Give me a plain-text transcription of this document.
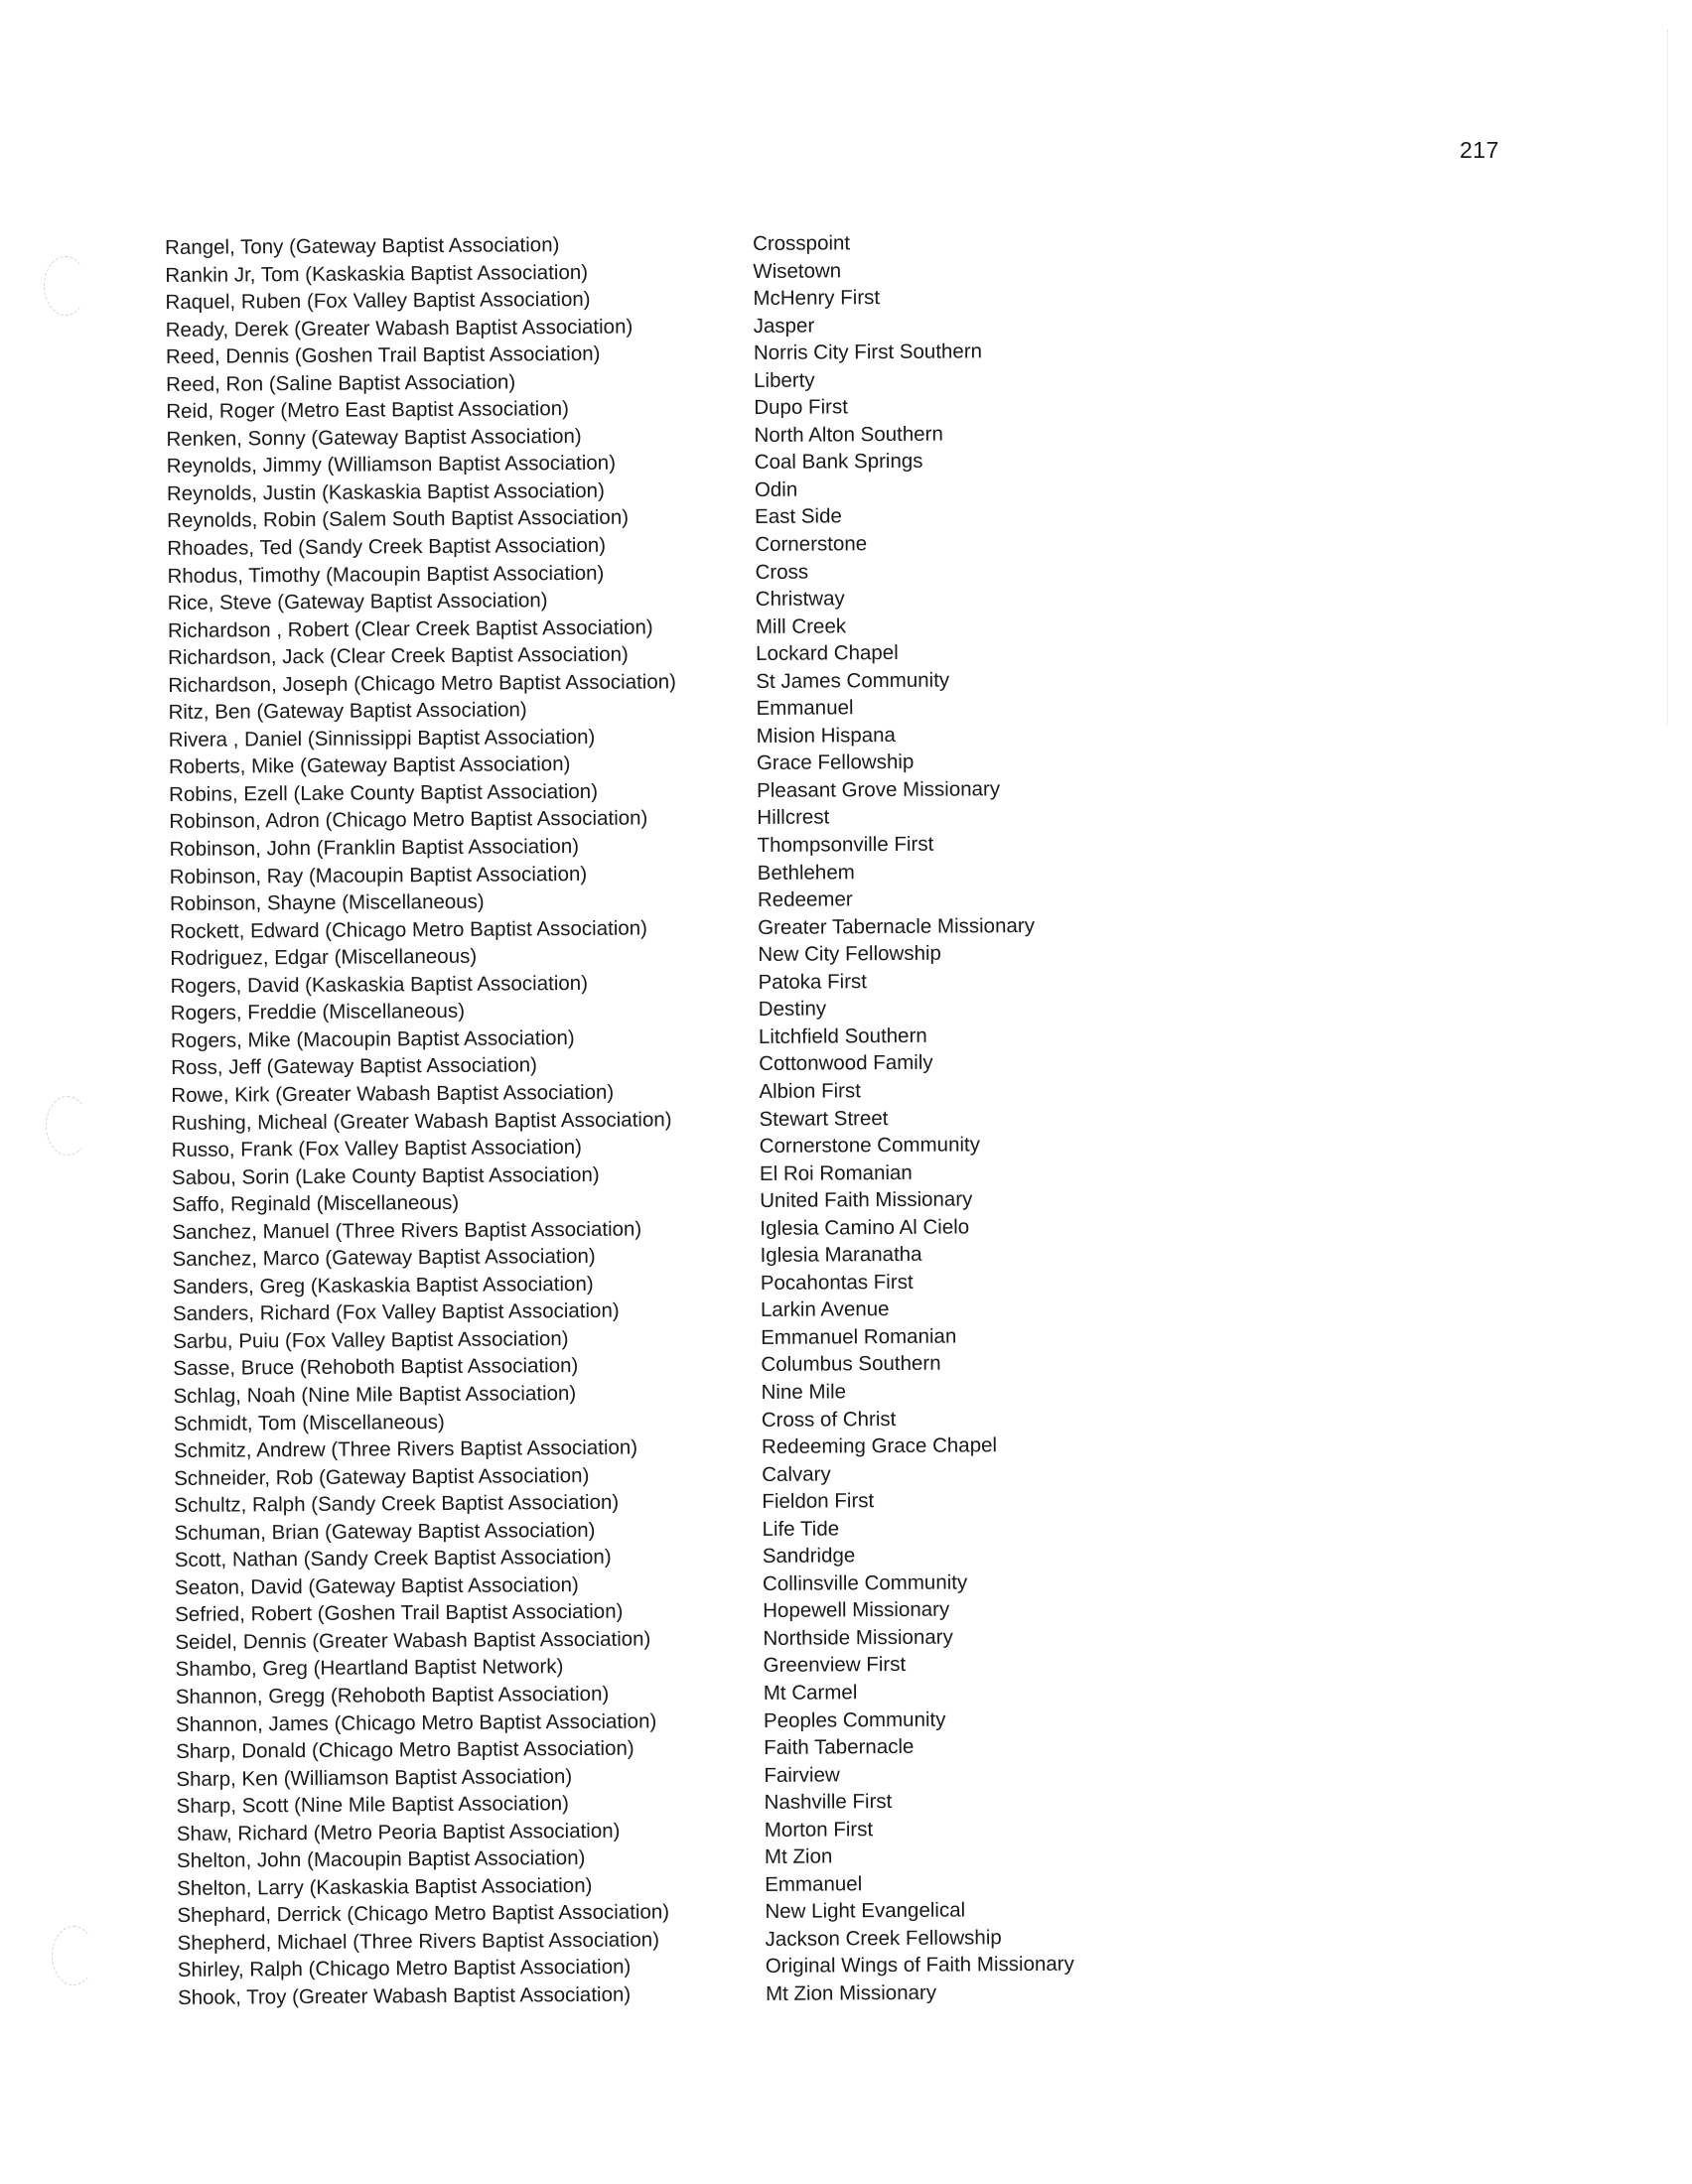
217
Rangel, Tony (Gateway Baptist Association)
Rankin Jr, Tom (Kaskaskia Baptist Association)
Raquel, Ruben (Fox Valley Baptist Association)
Ready, Derek (Greater Wabash Baptist Association)
Reed, Dennis (Goshen Trail Baptist Association)
Reed, Ron (Saline Baptist Association)
Reid, Roger (Metro East Baptist Association)
Renken, Sonny (Gateway Baptist Association)
Reynolds, Jimmy (Williamson Baptist Association)
Reynolds, Justin (Kaskaskia Baptist Association)
Reynolds, Robin (Salem South Baptist Association)
Rhoades, Ted (Sandy Creek Baptist Association)
Rhodus, Timothy (Macoupin Baptist Association)
Rice, Steve (Gateway Baptist Association)
Richardson , Robert (Clear Creek Baptist Association)
Richardson, Jack (Clear Creek Baptist Association)
Richardson, Joseph (Chicago Metro Baptist Association)
Ritz, Ben (Gateway Baptist Association)
Rivera , Daniel (Sinnissippi Baptist Association)
Roberts, Mike (Gateway Baptist Association)
Robins, Ezell (Lake County Baptist Association)
Robinson, Adron (Chicago Metro Baptist Association)
Robinson, John (Franklin Baptist Association)
Robinson, Ray (Macoupin Baptist Association)
Robinson, Shayne (Miscellaneous)
Rockett, Edward (Chicago Metro Baptist Association)
Rodriguez, Edgar (Miscellaneous)
Rogers, David (Kaskaskia Baptist Association)
Rogers, Freddie (Miscellaneous)
Rogers, Mike (Macoupin Baptist Association)
Ross, Jeff (Gateway Baptist Association)
Rowe, Kirk (Greater Wabash Baptist Association)
Rushing, Micheal (Greater Wabash Baptist Association)
Russo, Frank (Fox Valley Baptist Association)
Sabou, Sorin (Lake County Baptist Association)
Saffo, Reginald (Miscellaneous)
Sanchez, Manuel (Three Rivers Baptist Association)
Sanchez, Marco (Gateway Baptist Association)
Sanders, Greg (Kaskaskia Baptist Association)
Sanders, Richard (Fox Valley Baptist Association)
Sarbu, Puiu (Fox Valley Baptist Association)
Sasse, Bruce (Rehoboth Baptist Association)
Schlag, Noah (Nine Mile Baptist Association)
Schmidt, Tom (Miscellaneous)
Schmitz, Andrew (Three Rivers Baptist Association)
Schneider, Rob (Gateway Baptist Association)
Schultz, Ralph (Sandy Creek Baptist Association)
Schuman, Brian (Gateway Baptist Association)
Scott, Nathan (Sandy Creek Baptist Association)
Seaton, David (Gateway Baptist Association)
Sefried, Robert (Goshen Trail Baptist Association)
Seidel, Dennis (Greater Wabash Baptist Association)
Shambo, Greg (Heartland Baptist Network)
Shannon, Gregg (Rehoboth Baptist Association)
Shannon, James (Chicago Metro Baptist Association)
Sharp, Donald (Chicago Metro Baptist Association)
Sharp, Ken (Williamson Baptist Association)
Sharp, Scott (Nine Mile Baptist Association)
Shaw, Richard (Metro Peoria Baptist Association)
Shelton, John (Macoupin Baptist Association)
Shelton, Larry (Kaskaskia Baptist Association)
Shephard, Derrick (Chicago Metro Baptist Association)
Shepherd, Michael (Three Rivers Baptist Association)
Shirley, Ralph (Chicago Metro Baptist Association)
Shook, Troy (Greater Wabash Baptist Association)
Crosspoint
Wisetown
McHenry First
Jasper
Norris City First Southern
Liberty
Dupo First
North Alton Southern
Coal Bank Springs
Odin
East Side
Cornerstone
Cross
Christway
Mill Creek
Lockard Chapel
St James Community
Emmanuel
Mision Hispana
Grace Fellowship
Pleasant Grove Missionary
Hillcrest
Thompsonville First
Bethlehem
Redeemer
Greater Tabernacle Missionary
New City Fellowship
Patoka First
Destiny
Litchfield Southern
Cottonwood Family
Albion First
Stewart Street
Cornerstone Community
El Roi Romanian
United Faith Missionary
Iglesia Camino Al Cielo
Iglesia Maranatha
Pocahontas First
Larkin Avenue
Emmanuel Romanian
Columbus Southern
Nine Mile
Cross of Christ
Redeeming Grace Chapel
Calvary
Fieldon First
Life Tide
Sandridge
Collinsville Community
Hopewell Missionary
Northside Missionary
Greenview First
Mt Carmel
Peoples Community
Faith Tabernacle
Fairview
Nashville First
Morton First
Mt Zion
Emmanuel
New Light Evangelical
Jackson Creek Fellowship
Original Wings of Faith Missionary
Mt Zion Missionary
